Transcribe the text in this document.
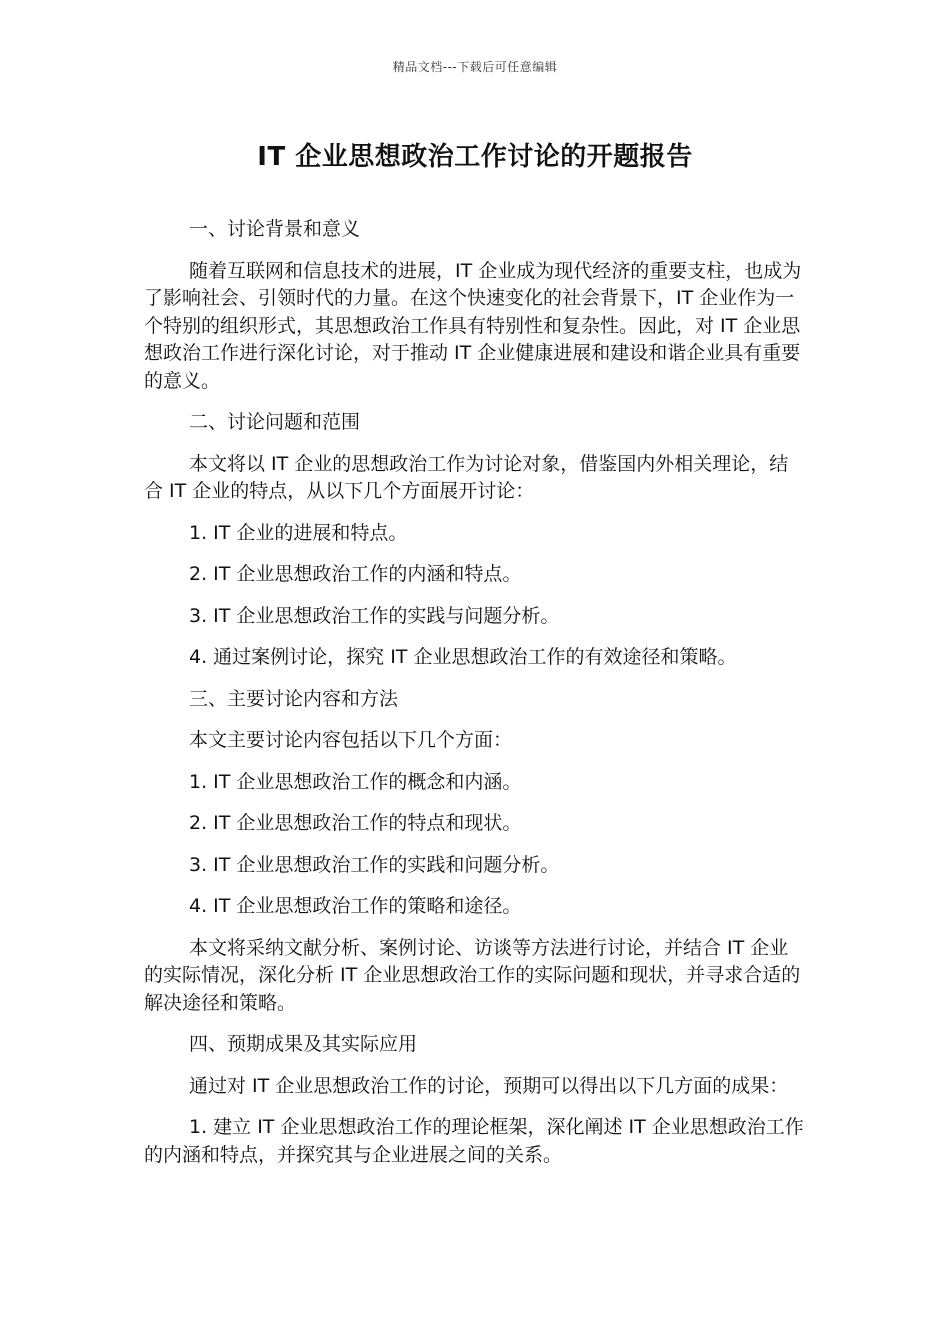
精品文档---下载后可任意编辑
IT 企业思想政治工作讨论的开题报告

一、讨论背景和意义

随着互联网和信息技术的进展，IT 企业成为现代经济的重要支柱，也成为了影响社会、引领时代的力量。在这个快速变化的社会背景下，IT 企业作为一个特别的组织形式，其思想政治工作具有特别性和复杂性。因此，对 IT 企业思想政治工作进行深化讨论，对于推动 IT 企业健康进展和建设和谐企业具有重要的意义。

二、讨论问题和范围

本文将以 IT 企业的思想政治工作为讨论对象，借鉴国内外相关理论，结合 IT 企业的特点，从以下几个方面展开讨论：

1. IT 企业的进展和特点。

2. IT 企业思想政治工作的内涵和特点。

3. IT 企业思想政治工作的实践与问题分析。

4. 通过案例讨论，探究 IT 企业思想政治工作的有效途径和策略。

三、主要讨论内容和方法

本文主要讨论内容包括以下几个方面：

1. IT 企业思想政治工作的概念和内涵。

2. IT 企业思想政治工作的特点和现状。

3. IT 企业思想政治工作的实践和问题分析。

4. IT 企业思想政治工作的策略和途径。

本文将采纳文献分析、案例讨论、访谈等方法进行讨论，并结合 IT 企业的实际情况，深化分析 IT 企业思想政治工作的实际问题和现状，并寻求合适的解决途径和策略。

四、预期成果及其实际应用

通过对 IT 企业思想政治工作的讨论，预期可以得出以下几方面的成果：

1. 建立 IT 企业思想政治工作的理论框架，深化阐述 IT 企业思想政治工作的内涵和特点，并探究其与企业进展之间的关系。
